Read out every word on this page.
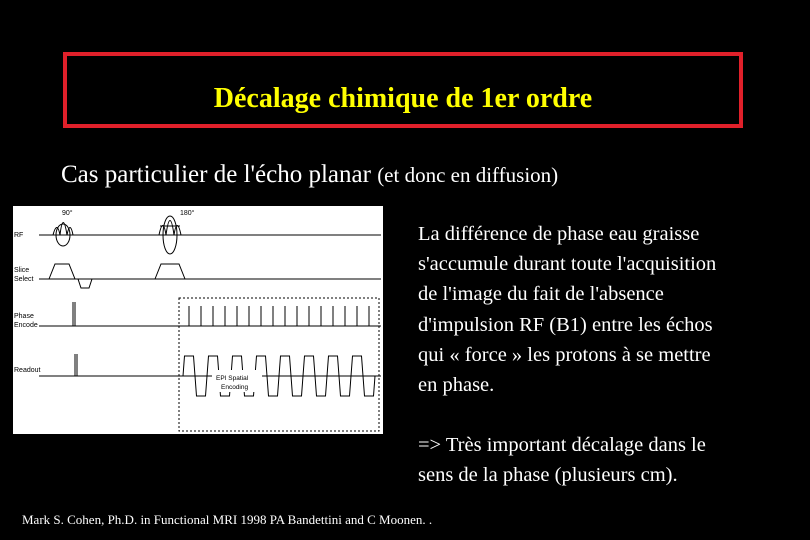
Décalage chimique de 1er ordre
Cas particulier de l'écho planar (et donc en diffusion)
RF
Slice
Select
Phase
Encode
Readout
90°	180°
EPI Spatial
Encoding

La différence de phase eau graisse

s'accumule durant toute l'acquisition

de l'image du fait de l'absence

d'impulsion RF (B1) entre les échos

qui « force » les protons à se mettre

en phase.

=> Très important décalage dans le

sens de la phase (plusieurs cm).

Mark S. Cohen, Ph.D. in Functional MRI 1998 PA Bandettini and C Moonen. .
